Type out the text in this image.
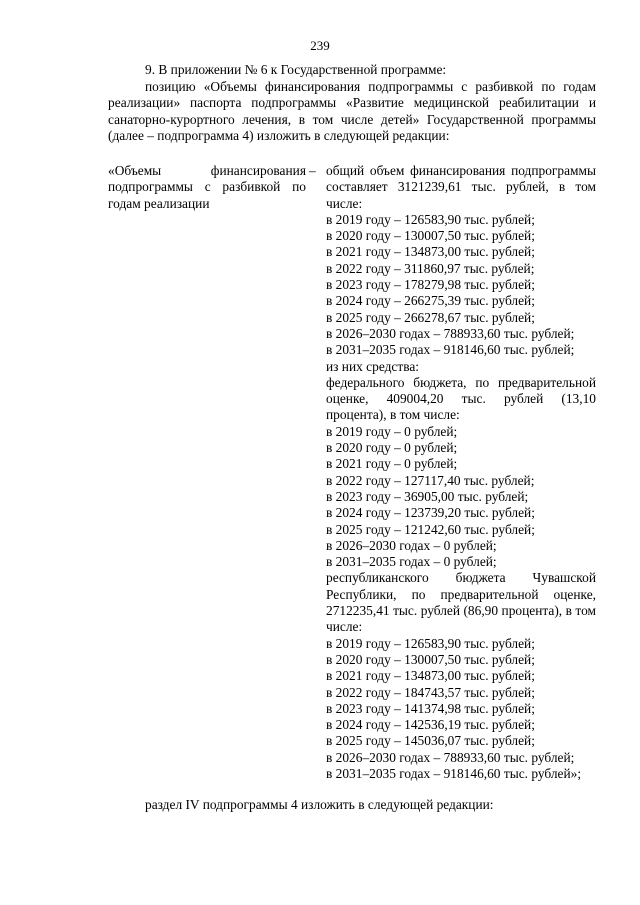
239

9. В приложении № 6 к Государственной программе:

позицию «Объемы финансирования подпрограммы с разбивкой по годам реализации» паспорта подпрограммы «Развитие медицинской реабилитации и санаторно-курортного лечения, в том числе детей» Государственной программы (далее – подпрограмма 4) изложить в следующей редакции:

«Объемы финансирования подпрограммы с разбивкой по годам реализации
– общий объем финансирования подпрограммы составляет 3121239,61 тыс. рублей, в том числе:
в 2019 году – 126583,90 тыс. рублей;
в 2020 году – 130007,50 тыс. рублей;
в 2021 году – 134873,00 тыс. рублей;
в 2022 году – 311860,97 тыс. рублей;
в 2023 году – 178279,98 тыс. рублей;
в 2024 году – 266275,39 тыс. рублей;
в 2025 году – 266278,67 тыс. рублей;
в 2026–2030 годах – 788933,60 тыс. рублей;
в 2031–2035 годах – 918146,60 тыс. рублей;
из них средства:
федерального бюджета, по предварительной оценке, 409004,20 тыс. рублей (13,10 процента), в том числе:
в 2019 году – 0 рублей;
в 2020 году – 0 рублей;
в 2021 году – 0 рублей;
в 2022 году – 127117,40 тыс. рублей;
в 2023 году – 36905,00 тыс. рублей;
в 2024 году – 123739,20 тыс. рублей;
в 2025 году – 121242,60 тыс. рублей;
в 2026–2030 годах – 0 рублей;
в 2031–2035 годах – 0 рублей;
республиканского бюджета Чувашской Республики, по предварительной оценке, 2712235,41 тыс. рублей (86,90 процента), в том числе:
в 2019 году – 126583,90 тыс. рублей;
в 2020 году – 130007,50 тыс. рублей;
в 2021 году – 134873,00 тыс. рублей;
в 2022 году – 184743,57 тыс. рублей;
в 2023 году – 141374,98 тыс. рублей;
в 2024 году – 142536,19 тыс. рублей;
в 2025 году – 145036,07 тыс. рублей;
в 2026–2030 годах – 788933,60 тыс. рублей;
в 2031–2035 годах – 918146,60 тыс. рублей»;
раздел IV подпрограммы 4 изложить в следующей редакции:
